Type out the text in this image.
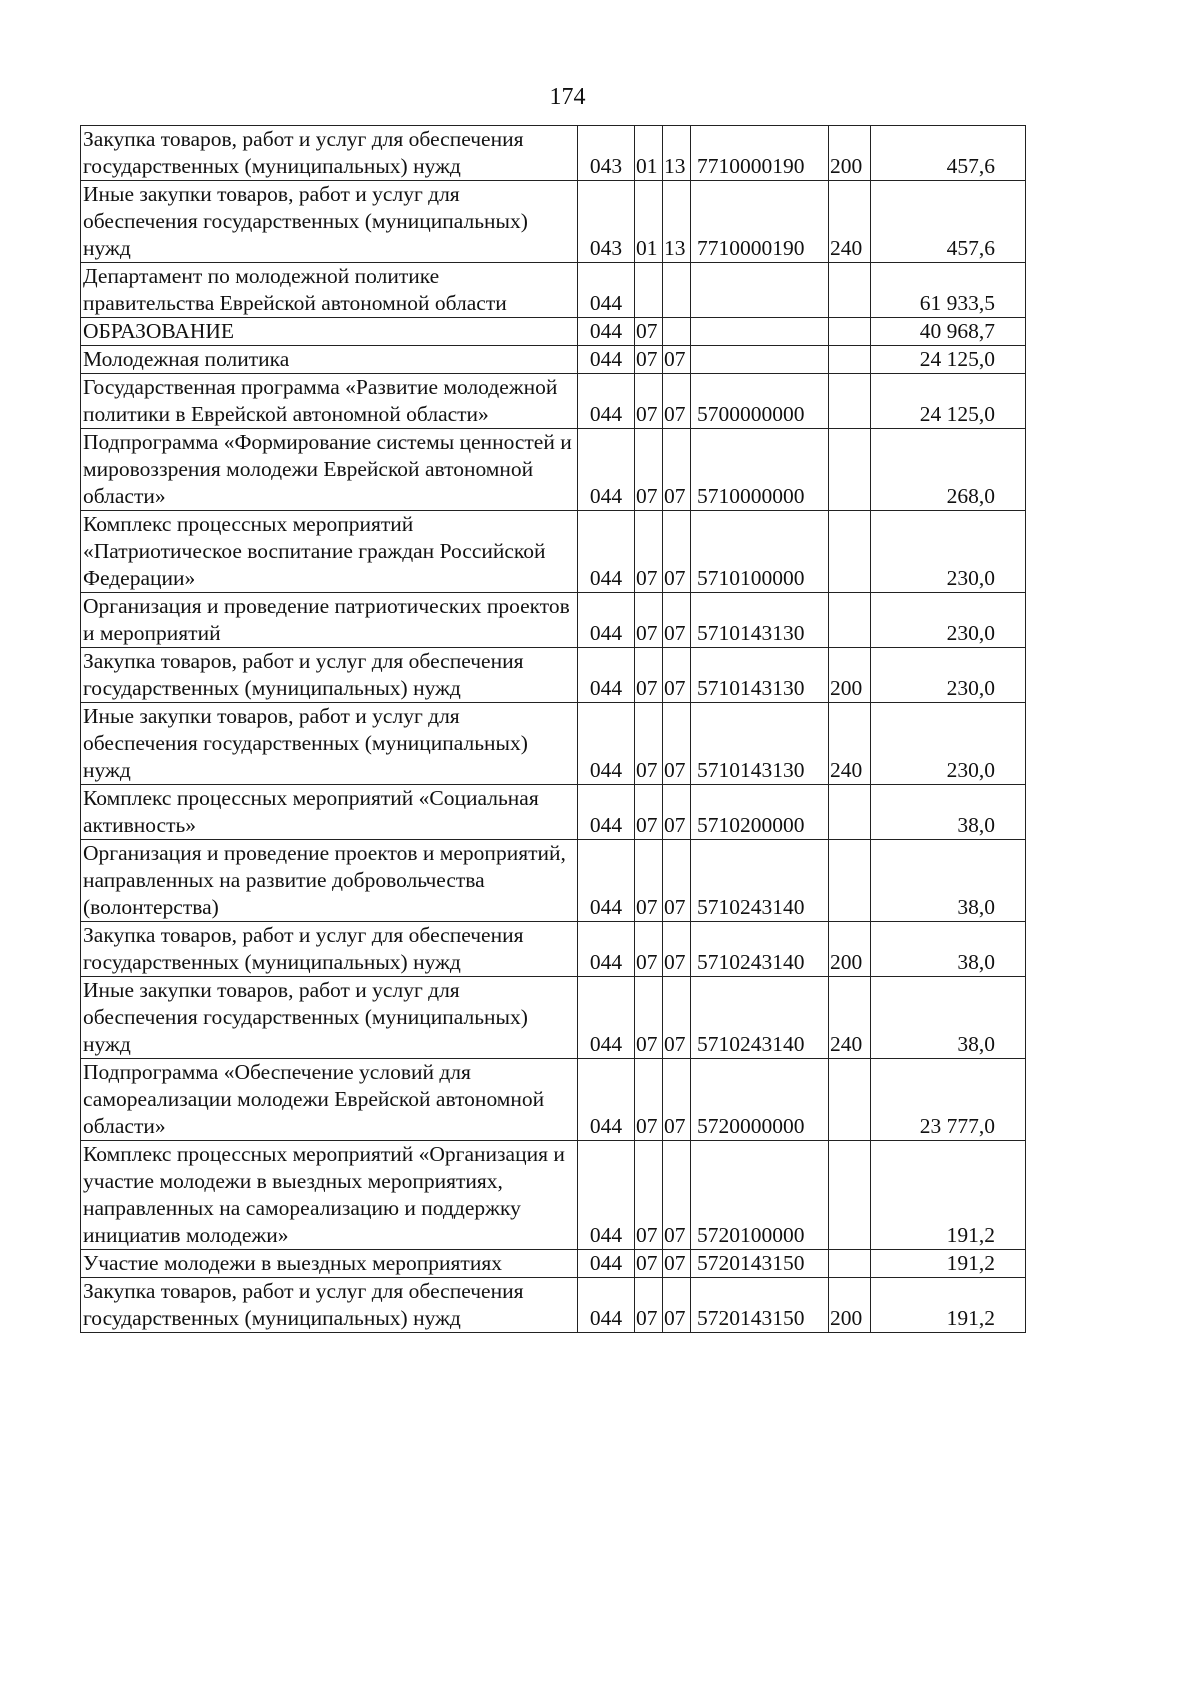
174
Закупка товаров, работ и услуг для обеспечения государственных (муниципальных) нужд	043	01	13	7710000190	200	457,6
Иные закупки товаров, работ и услуг для обеспечения государственных (муниципальных) нужд	043	01	13	7710000190	240	457,6
Департамент по молодежной политике правительства Еврейской автономной области	044					61 933,5
ОБРАЗОВАНИЕ	044	07				40 968,7
Молодежная политика	044	07	07			24 125,0
Государственная программа «Развитие молодежной политики в Еврейской автономной области»	044	07	07	5700000000		24 125,0
Подпрограмма «Формирование системы ценностей и мировоззрения молодежи Еврейской автономной области»	044	07	07	5710000000		268,0
Комплекс процессных мероприятий «Патриотическое воспитание граждан Российской Федерации»	044	07	07	5710100000		230,0
Организация и проведение патриотических проектов и мероприятий	044	07	07	5710143130		230,0
Закупка товаров, работ и услуг для обеспечения государственных (муниципальных) нужд	044	07	07	5710143130	200	230,0
Иные закупки товаров, работ и услуг для обеспечения государственных (муниципальных) нужд	044	07	07	5710143130	240	230,0
Комплекс процессных мероприятий «Социальная активность»	044	07	07	5710200000		38,0
Организация и проведение проектов и мероприятий, направленных на развитие добровольчества (волонтерства)	044	07	07	5710243140		38,0
Закупка товаров, работ и услуг для обеспечения государственных (муниципальных) нужд	044	07	07	5710243140	200	38,0
Иные закупки товаров, работ и услуг для обеспечения государственных (муниципальных) нужд	044	07	07	5710243140	240	38,0
Подпрограмма «Обеспечение условий для самореализации молодежи Еврейской автономной области»	044	07	07	5720000000		23 777,0
Комплекс процессных мероприятий «Организация и участие молодежи в выездных мероприятиях, направленных на самореализацию и поддержку инициатив молодежи»	044	07	07	5720100000		191,2
Участие молодежи в выездных мероприятиях	044	07	07	5720143150		191,2
Закупка товаров, работ и услуг для обеспечения государственных (муниципальных) нужд	044	07	07	5720143150	200	191,2
